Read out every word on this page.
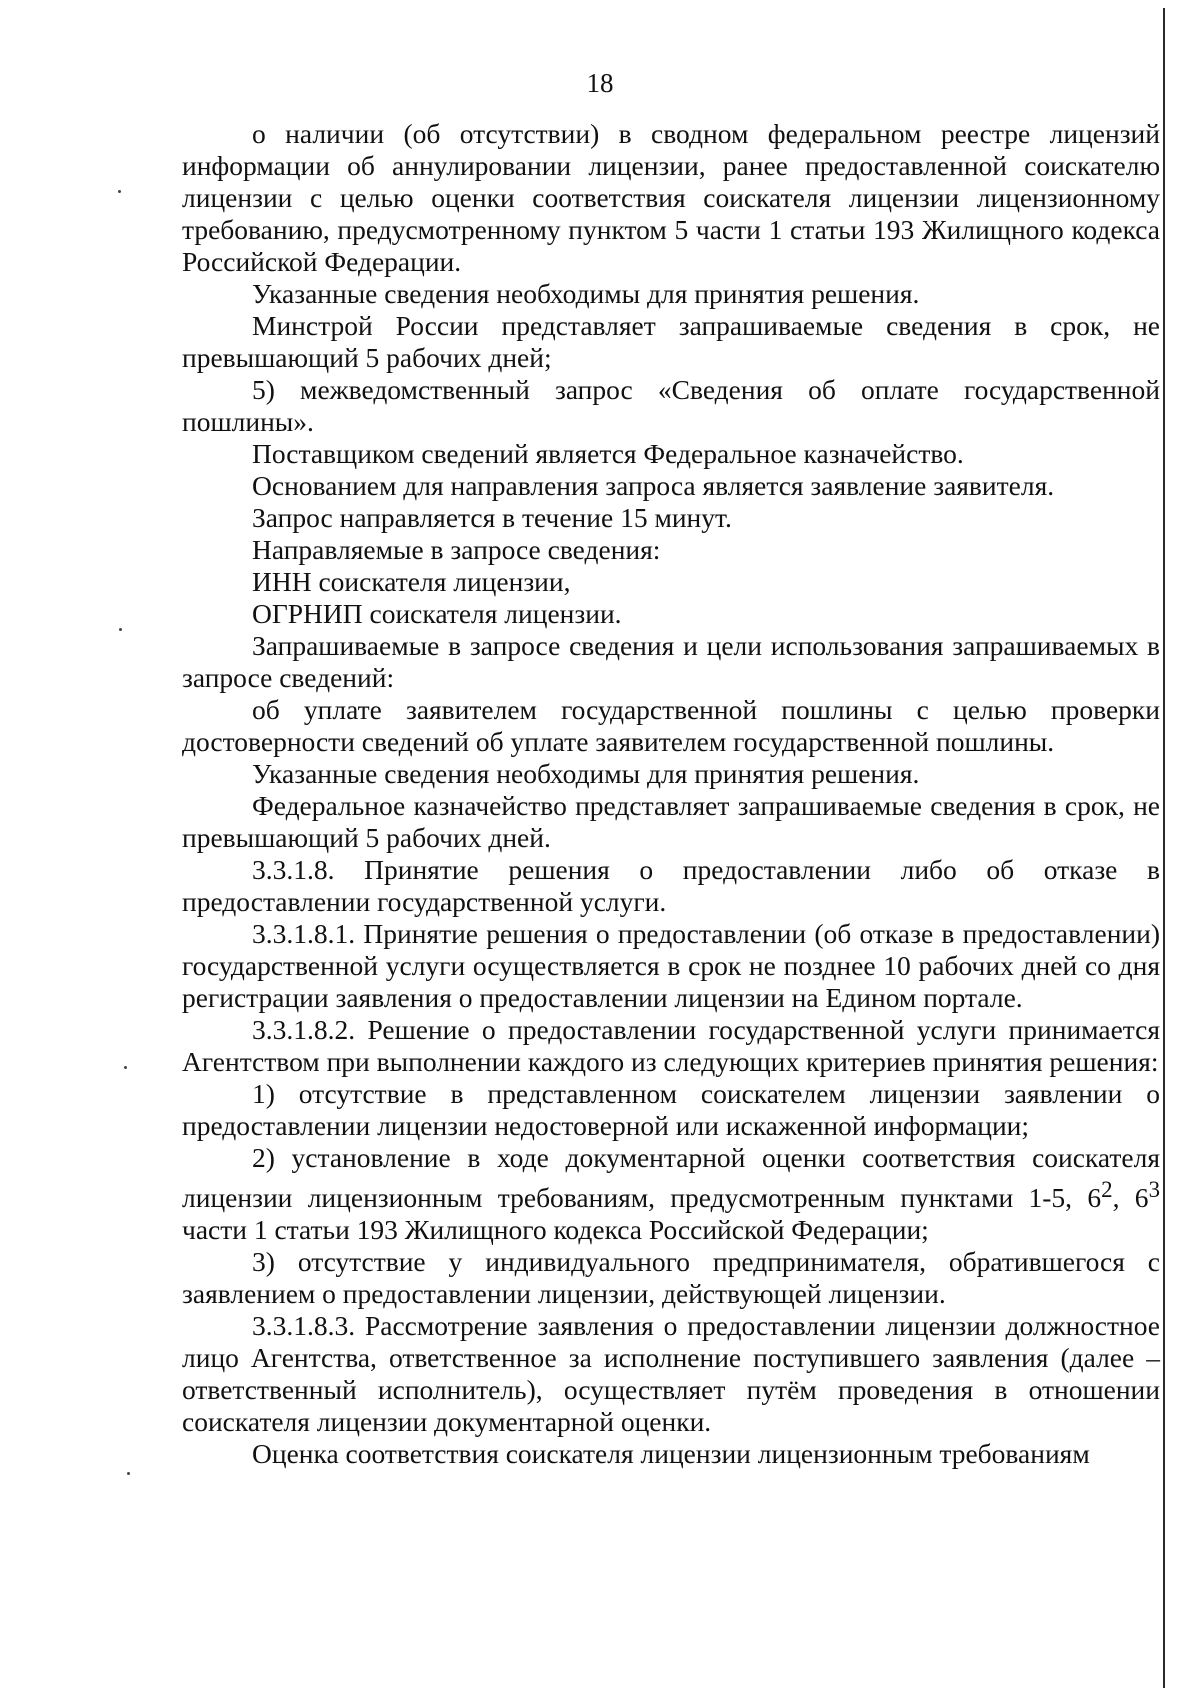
18

о наличии (об отсутствии) в сводном федеральном реестре лицензий информации об аннулировании лицензии, ранее предоставленной соискателю лицензии с целью оценки соответствия соискателя лицензии лицензионному требованию, предусмотренному пунктом 5 части 1 статьи 193 Жилищного кодекса Российской Федерации.

Указанные сведения необходимы для принятия решения.

Минстрой России представляет запрашиваемые сведения в срок, не превышающий 5 рабочих дней;

5) межведомственный запрос «Сведения об оплате государственной пошлины».

Поставщиком сведений является Федеральное казначейство.

Основанием для направления запроса является заявление заявителя.

Запрос направляется в течение 15 минут.

Направляемые в запросе сведения:

ИНН соискателя лицензии,

ОГРНИП соискателя лицензии.

Запрашиваемые в запросе сведения и цели использования запрашиваемых в запросе сведений:

об уплате заявителем государственной пошлины с целью проверки достоверности сведений об уплате заявителем государственной пошлины.

Указанные сведения необходимы для принятия решения.

Федеральное казначейство представляет запрашиваемые сведения в срок, не превышающий 5 рабочих дней.

3.3.1.8. Принятие решения о предоставлении либо об отказе в предоставлении государственной услуги.

3.3.1.8.1. Принятие решения о предоставлении (об отказе в предоставлении) государственной услуги осуществляется в срок не позднее 10 рабочих дней со дня регистрации заявления о предоставлении лицензии на Едином портале.

3.3.1.8.2. Решение о предоставлении государственной услуги принимается Агентством при выполнении каждого из следующих критериев принятия решения:

1) отсутствие в представленном соискателем лицензии заявлении о предоставлении лицензии недостоверной или искаженной информации;

2) установление в ходе документарной оценки соответствия соискателя лицензии лицензионным требованиям, предусмотренным пунктами 1-5, $6^2$, $6^3$ части 1 статьи 193 Жилищного кодекса Российской Федерации;

3) отсутствие у индивидуального предпринимателя, обратившегося с заявлением о предоставлении лицензии, действующей лицензии.

3.3.1.8.3. Рассмотрение заявления о предоставлении лицензии должностное лицо Агентства, ответственное за исполнение поступившего заявления (далее – ответственный исполнитель), осуществляет путём проведения в отношении соискателя лицензии документарной оценки.

Оценка соответствия соискателя лицензии лицензионным требованиям
